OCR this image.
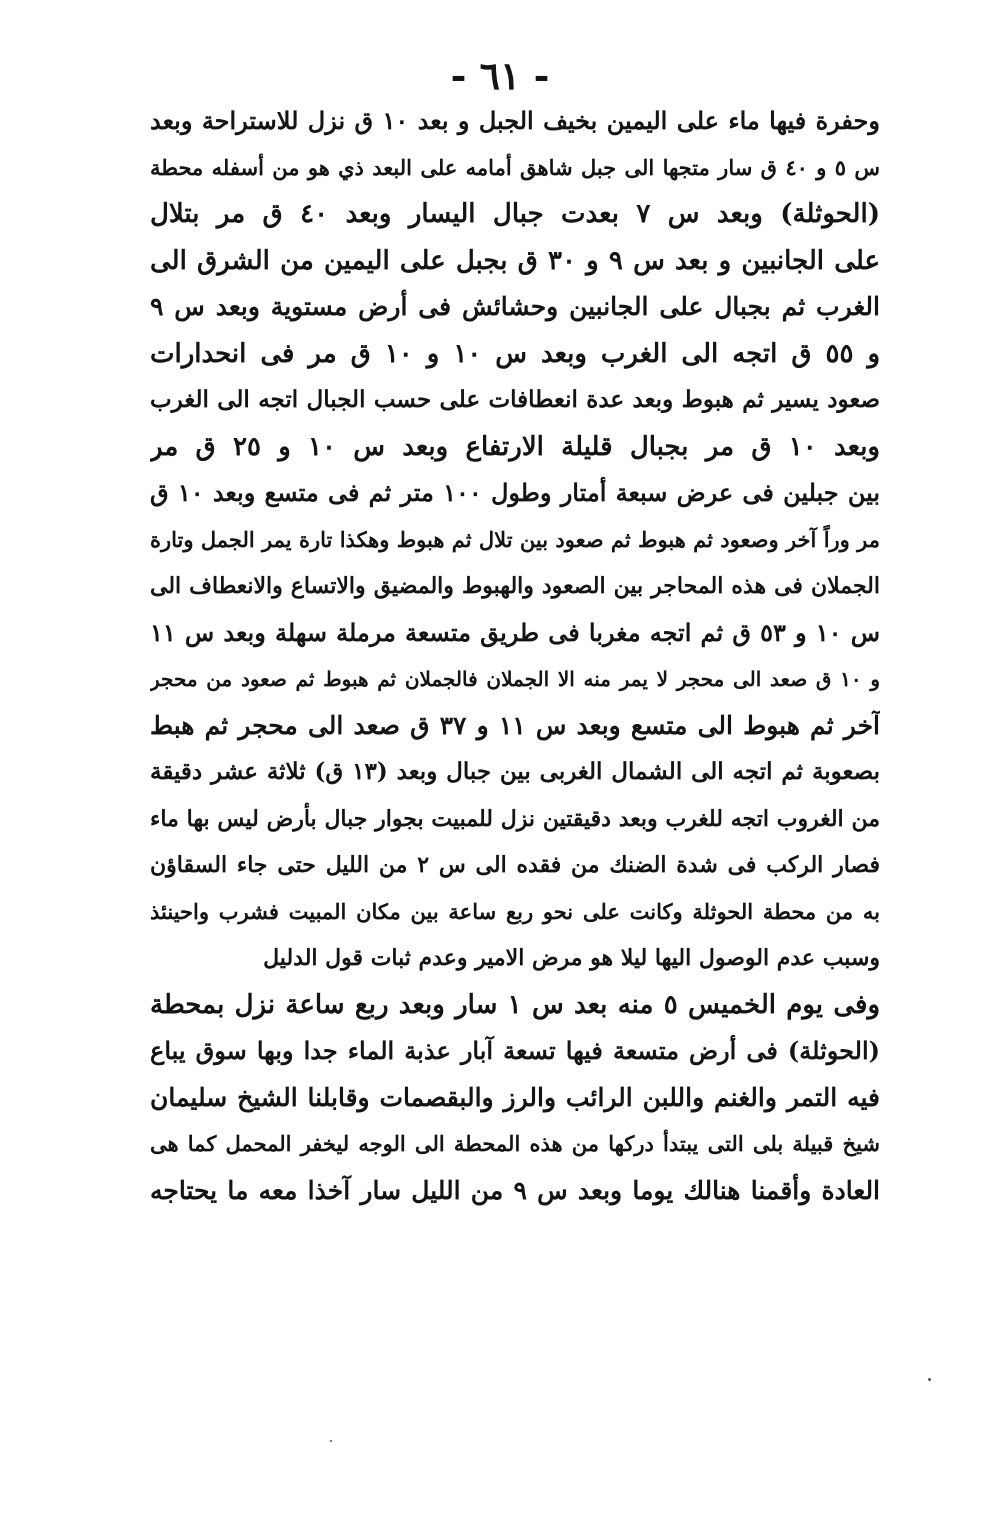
- ٦١ -
وحفرة فيها ماء على اليمين بخيف الجبل و بعد ١٠ ق نزل للاستراحة وبعد
س ٥ و ٤٠ ق سار متجها الى جبل شاهق أمامه على البعد ذي هو من أسفله محطة
(الحوثلة) وبعد س ٧ بعدت جبال اليسار وبعد ٤٠ ق مر بتلال
على الجانبين و بعد س ٩ و ٣٠ ق بجبل على اليمين من الشرق الى
الغرب ثم بجبال على الجانبين وحشائش فى أرض مستوية وبعد س ٩
و ٥٥ ق اتجه الى الغرب وبعد س ١٠ و ١٠ ق مر فى انحدارات
صعود يسير ثم هبوط وبعد عدة انعطافات على حسب الجبال اتجه الى الغرب
وبعد ١٠ ق مر بجبال قليلة الارتفاع وبعد س ١٠ و ٢٥ ق مر
بين جبلين فى عرض سبعة أمتار وطول ١٠٠ متر ثم فى متسع وبعد ١٠ ق
مر وراً آخر وصعود ثم هبوط ثم صعود بين تلال ثم هبوط وهكذا تارة يمر الجمل وتارة
الجملان فى هذه المحاجر بين الصعود والهبوط والمضيق والاتساع والانعطاف الى
س ١٠ و ٥٣ ق ثم اتجه مغربا فى طريق متسعة مرملة سهلة وبعد س ١١
و ١٠ ق صعد الى محجر لا يمر منه الا الجملان فالجملان ثم هبوط ثم صعود من محجر
آخر ثم هبوط الى متسع وبعد س ١١ و ٣٧ ق صعد الى محجر ثم هبط
بصعوبة ثم اتجه الى الشمال الغربى بين جبال وبعد (١٣ ق) ثلاثة عشر دقيقة
من الغروب اتجه للغرب وبعد دقيقتين نزل للمبيت بجوار جبال بأرض ليس بها ماء
فصار الركب فى شدة الضنك من فقده الى س ٢ من الليل حتى جاء السقاؤن
به من محطة الحوثلة وكانت على نحو ربع ساعة بين مكان المبيت فشرب واحينئذ
وسبب عدم الوصول اليها ليلا هو مرض الامير وعدم ثبات قول الدليل
وفى يوم الخميس ٥ منه بعد س ١ سار وبعد ربع ساعة نزل بمحطة
(الحوثلة) فى أرض متسعة فيها تسعة آبار عذبة الماء جدا وبها سوق يباع
فيه التمر والغنم واللبن الرائب والرز والبقصمات وقابلنا الشيخ سليمان
شيخ قبيلة بلى التى يبتدأ دركها من هذه المحطة الى الوجه ليخفر المحمل كما هى
العادة وأقمنا هنالك يوما وبعد س ٩ من الليل سار آخذا معه ما يحتاجه
